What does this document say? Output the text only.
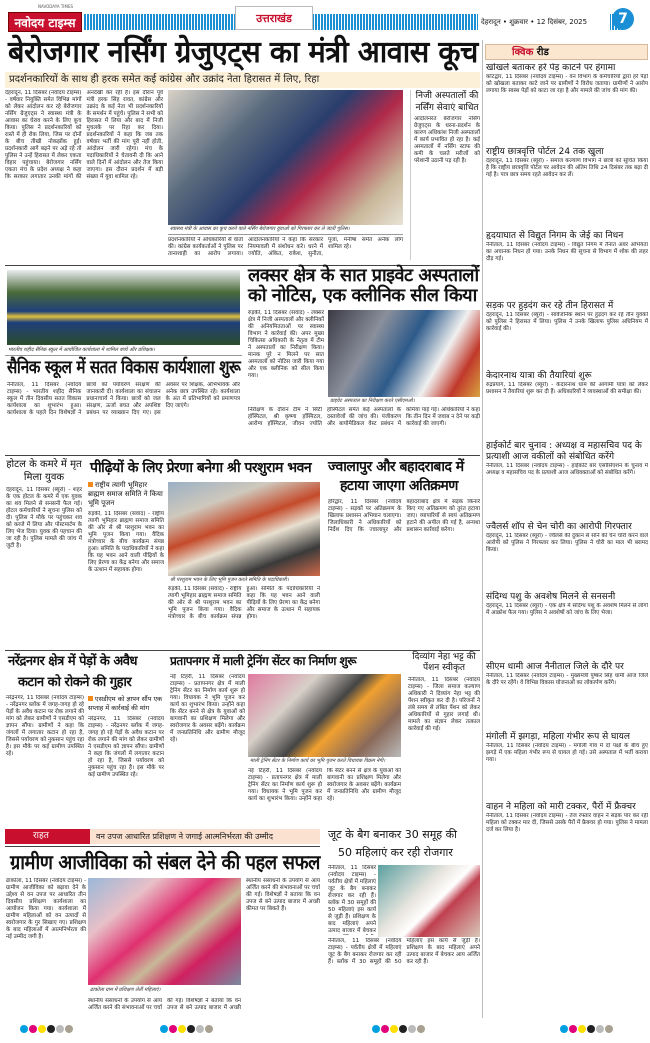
NAVODAYA TIMES
नवोदय टाइम्स	उत्तराखंड	देहरादून • शुक्रवार • 12 दिसंबर, 2025	7
बेरोजगार नर्सिंग ग्रेजुएट्स का मंत्री आवास कूच
प्रदर्शनकारियों के साथ ही हरक समेत कई कांग्रेस और उक्रांद नेता हिरासत में लिए, रिहा
देहरादून, 11 दिसंबर (नवोदय टाइम्स) - वर्षवार नियुक्ति समेत विभिन्न मांगों को लेकर आंदोलन कर रहे बेरोजगार नर्सिंग ग्रेजुएट्स ने स्वास्थ्य मंत्री के आवास का घेराव करने के लिए कूच किया। पुलिस ने प्रदर्शनकारियों को रास्ते में ही रोक लिया, जिस पर दोनों के बीच तीखी नोकझोंक हुई। प्रदर्शनकारी आगे बढ़ने पर अड़े रहे तो पुलिस ने उन्हें हिरासत में लेकर एकता विहार पहुंचाया। बेरोजगार नर्सिंग एकता मंच के प्रदेश अध्यक्ष ने कहा कि सरकार लगातार उनकी मांगों की अनदेखी कर रही है। इस दौरान पूर्व मंत्री हरक सिंह रावत, कांग्रेस और उक्रांद के कई नेता भी प्रदर्शनकारियों के समर्थन में पहुंचे। पुलिस ने सभी को हिरासत में लिया और बाद में निजी मुचलके पर रिहा कर दिया। प्रदर्शनकारियों ने कहा कि जब तक वर्षवार भर्ती की मांग पूरी नहीं होती, आंदोलन जारी रहेगा। मंच के पदाधिकारियों ने चेतावनी दी कि आने वाले दिनों में आंदोलन और तेज किया जाएगा। इस दौरान प्रदर्शन में बड़ी संख्या में युवा शामिल रहे।
स्वास्थ्य मंत्री के आवास का कूच करने वाले नर्सिंग बेरोजगार युवाओं को गिरफ्तार कर ले जाती पुलिस।
प्रदर्शनकारियों ने अधिकारियों से वार्ता की। कांग्रेस कार्यकर्ताओं ने पुलिस पर तानाशाही का आरोप लगाया। आंदोलनकारियों ने कहा कि सरकार नियमावली में संशोधन करे। धरने में ज्योति, अंकित, राकेश, सुनीता, पूजा, मनीषा समेत अनेक लोग शामिल रहे।
निजी अस्पतालों की नर्सिंग सेवाएं बाधित
आंदोलनरत बेरोजगार नर्सिंग ग्रेजुएट्स के धरना-प्रदर्शन के कारण अधिकांश निजी अस्पतालों में कार्य प्रभावित हो रहा है। कई अस्पतालों में नर्सिंग स्टाफ की कमी के चलते मरीजों को परेशानी उठानी पड़ रही है।
भारतीय शहीद सैनिक स्कूल में आयोजित कार्यशाला में शामिल बच्चे और प्रशिक्षक।
सैनिक स्कूल में सतत विकास कार्यशाला शुरू
नैनीताल, 11 दिसंबर (नवोदय टाइम्स) - भारतीय शहीद सैनिक स्कूल में तीन दिवसीय सतत विकास कार्यशाला का शुभारंभ हुआ। कार्यशाला के पहले दिन विशेषज्ञों ने छात्रों को पर्यावरण संरक्षण की जानकारी दी। कार्यशाला का संचालन प्रधानाचार्य ने किया। छात्रों को जल संरक्षण, ऊर्जा बचत और अपशिष्ट प्रबंधन पर व्याख्यान दिए गए। इस अवसर पर शिक्षक, अभिभावक और अनेक छात्र उपस्थित रहे। कार्यशाला के अंत में प्रतिभागियों को प्रमाणपत्र दिए जाएंगे।
लक्सर क्षेत्र के सात प्राइवेट अस्पतालों
को नोटिस, एक क्लीनिक सील किया
रुड़की, 11 दिसंबर (संवाद) - लक्सर क्षेत्र में निजी अस्पतालों और क्लीनिकों की अनियमितताओं पर स्वास्थ्य विभाग ने कार्रवाई की। अपर मुख्य चिकित्सा अधिकारी के नेतृत्व में टीम ने अस्पतालों का निरीक्षण किया। मानक पूरे न मिलने पर सात अस्पतालों को नोटिस जारी किया गया और एक क्लीनिक को सील किया गया।
प्राइवेट अस्पताल का निरीक्षण करते एसीएमओ।
निरीक्षण के दौरान टीम ने सिटी हॉस्पिटल, श्री कृष्णा हॉस्पिटल, आरोग्य हॉस्पिटल, जीवन ज्योति हॉस्पिटल समेत कई अस्पतालों के दस्तावेजों की जांच की। पंजीकरण और बायोमेडिकल वेस्ट प्रबंधन में कमियां पाई गईं। अधिकारियों ने कहा कि तीन दिन में जवाब न देने पर कड़ी कार्रवाई की जाएगी।
होटल के कमरे में मृत मिला युवक
देहरादून, 11 दिसंबर (ब्यूरो) - शहर के एक होटल के कमरे में एक युवक का शव मिलने से सनसनी फैल गई। होटल कर्मचारियों ने सूचना पुलिस को दी। पुलिस ने मौके पर पहुंचकर शव को कब्जे में लिया और पोस्टमार्टम के लिए भेज दिया। युवक की पहचान की जा रही है। पुलिस मामले की जांच में जुटी है।
पीढ़ियों के लिए प्रेरणा बनेगा श्री परशुराम भवन
राष्ट्रीय त्यागी भूमिहार ब्राह्मण समाज समिति ने किया भूमि पूजन
रुड़की, 11 दिसंबर (संवाद) - राष्ट्रीय त्यागी भूमिहार ब्राह्मण समाज समिति की ओर से श्री परशुराम भवन का भूमि पूजन किया गया। वैदिक मंत्रोच्चार के बीच कार्यक्रम संपन्न हुआ। समिति के पदाधिकारियों ने कहा कि यह भवन आने वाली पीढ़ियों के लिए प्रेरणा का केंद्र बनेगा और समाज के उत्थान में सहायक होगा।
श्री परशुराम भवन के लिए भूमि पूजन करते समिति के पदाधिकारी।
रुड़की, 11 दिसंबर (संवाद) - राष्ट्रीय त्यागी भूमिहार ब्राह्मण समाज समिति की ओर से श्री परशुराम भवन का भूमि पूजन किया गया। वैदिक मंत्रोच्चार के बीच कार्यक्रम संपन्न हुआ। समिति के पदाधिकारियों ने कहा कि यह भवन आने वाली पीढ़ियों के लिए प्रेरणा का केंद्र बनेगा और समाज के उत्थान में सहायक होगा।
ज्वालापुर और बहादराबाद में
हटाया जाएगा अतिक्रमण
हरिद्वार, 11 दिसंबर (नवोदय टाइम्स) - सड़कों पर अतिक्रमण के खिलाफ प्रशासन अभियान चलाएगा। जिलाधिकारी ने अधिकारियों को निर्देश दिए कि ज्वालापुर और बहादराबाद क्षेत्र में सड़क किनारे किए गए अतिक्रमण को तुरंत हटाया जाए। व्यापारियों से स्वयं अतिक्रमण हटाने की अपील की गई है, अन्यथा प्रशासन कार्रवाई करेगा।
नरेंद्रनगर क्षेत्र में पेड़ों के अवैध
कटान को रोकने की गुहार
नरेंद्रनगर, 11 दिसंबर (नवोदय टाइम्स) - नरेंद्रनगर ब्लॉक में जगह-जगह हो रहे पेड़ों के अवैध कटान पर रोक लगाने की मांग को लेकर ग्रामीणों ने एसडीएम को ज्ञापन सौंपा। ग्रामीणों ने कहा कि जंगलों में लगातार कटान हो रहा है, जिससे पर्यावरण को नुकसान पहुंच रहा है। इस मौके पर कई ग्रामीण उपस्थित रहे।
एसडीएम को ज्ञापन सौंप एक सप्ताह में कार्रवाई की मांग
नरेंद्रनगर, 11 दिसंबर (नवोदय टाइम्स) - नरेंद्रनगर ब्लॉक में जगह-जगह हो रहे पेड़ों के अवैध कटान पर रोक लगाने की मांग को लेकर ग्रामीणों ने एसडीएम को ज्ञापन सौंपा। ग्रामीणों ने कहा कि जंगलों में लगातार कटान हो रहा है, जिससे पर्यावरण को नुकसान पहुंच रहा है। इस मौके पर कई ग्रामीण उपस्थित रहे।
प्रतापनगर में माली ट्रेनिंग सेंटर का निर्माण शुरू
नई टिहरी, 11 दिसंबर (नवोदय टाइम्स) - प्रतापनगर क्षेत्र में माली ट्रेनिंग सेंटर का निर्माण कार्य शुरू हो गया। विधायक ने भूमि पूजन कर कार्य का शुभारंभ किया। उन्होंने कहा कि सेंटर बनने से क्षेत्र के युवाओं को बागवानी का प्रशिक्षण मिलेगा और स्वरोजगार के अवसर बढ़ेंगे। कार्यक्रम में जनप्रतिनिधि और ग्रामीण मौजूद रहे।
माली ट्रेनिंग सेंटर के निर्माण कार्य का भूमि पूजन करते विधायक विक्रम नेगी।
नई टिहरी, 11 दिसंबर (नवोदय टाइम्स) - प्रतापनगर क्षेत्र में माली ट्रेनिंग सेंटर का निर्माण कार्य शुरू हो गया। विधायक ने भूमि पूजन कर कार्य का शुभारंभ किया। उन्होंने कहा कि सेंटर बनने से क्षेत्र के युवाओं को बागवानी का प्रशिक्षण मिलेगा और स्वरोजगार के अवसर बढ़ेंगे। कार्यक्रम में जनप्रतिनिधि और ग्रामीण मौजूद रहे।
दिव्यांग नेहा भट्ट की पेंशन स्वीकृत
नैनीताल, 11 दिसंबर (नवोदय टाइम्स) - जिला समाज कल्याण अधिकारी ने दिव्यांग नेहा भट्ट की पेंशन स्वीकृत कर दी है। परिजनों ने लंबे समय से लंबित पेंशन को लेकर अधिकारियों से गुहार लगाई थी। मामले का संज्ञान लेकर तत्काल कार्रवाई की गई।
राहत	वन उपज आधारित प्रशिक्षण ने जगाई आत्मनिर्भरता की उम्मीद	जूट के बैग बनाकर 30 समूह की
50 महिलाएं कर रही रोजगार
नैनीताल, 11 दिसंबर (नवोदय टाइम्स) - पर्वतीय क्षेत्रों में महिलाएं जूट के बैग बनाकर रोजगार कर रही हैं। ब्लॉक में 30 समूहों की 50 महिलाएं इस कार्य से जुड़ी हैं। प्रशिक्षण के बाद महिलाएं अपने उत्पाद बाजार में बेचकर
नैनीताल, 11 दिसंबर (नवोदय टाइम्स) - पर्वतीय क्षेत्रों में महिलाएं जूट के बैग बनाकर रोजगार कर रही हैं। ब्लॉक में 30 समूहों की 50 महिलाएं इस कार्य से जुड़ी हैं। प्रशिक्षण के बाद महिलाएं अपने उत्पाद बाजार में बेचकर आय अर्जित कर रही हैं।
ग्रामीण आजीविका को संबल देने की पहल सफल
ढाकोला, 11 दिसंबर (नवोदय टाइम्स) - ग्रामीण आजीविका को बढ़ावा देने के उद्देश्य से वन उपज पर आधारित तीन दिवसीय प्रशिक्षण कार्यशाला का आयोजन किया गया। कार्यशाला में ग्रामीण महिलाओं को वन उत्पादों से स्वरोजगार के गुर सिखाए गए। प्रशिक्षण के बाद महिलाओं में आत्मनिर्भरता की नई उम्मीद जगी है।
ढाकोला ग्राम में प्रशिक्षण लेतीं महिलाएं।
स्थानीय संसाधनों के उपयोग से आय अर्जित करने की संभावनाओं पर चर्चा की गई। विशेषज्ञों ने बताया कि वन उपज से बने उत्पाद बाजार में अच्छी
स्थानीय संसाधनों के उपयोग से आय अर्जित करने की संभावनाओं पर चर्चा की गई। विशेषज्ञों ने बताया कि वन उपज से बने उत्पाद बाजार में अच्छी कीमत पर बिकते हैं।
क्विक रीड
खोखले बताकर हरे पेड़ काटने पर हंगामा
कोटद्वार, 11 दिसंबर (नवोदय टाइम्स) - वन विभाग के कर्मचारियों द्वारा हरे पेड़ों को खोखला बताकर काटे जाने पर ग्रामीणों ने विरोध जताया। ग्रामीणों ने आरोप लगाया कि स्वस्थ पेड़ों को काटा जा रहा है और मामले की जांच की मांग की।
राष्ट्रीय छात्रवृत्ति पोर्टल 24 तक खुला
देहरादून, 11 दिसंबर (ब्यूरो) - समाज कल्याण विभाग ने छात्रों को सूचित किया है कि राष्ट्रीय छात्रवृत्ति पोर्टल पर आवेदन की अंतिम तिथि 24 दिसंबर तक बढ़ा दी गई है। पात्र छात्र समय रहते आवेदन कर लें।
हृदयाघात से विद्युत निगम के जेई का निधन
नैनीताल, 11 दिसंबर (नवोदय टाइम्स) - विद्युत निगम में तैनात अवर अभियंता का अचानक निधन हो गया। उनके निधन की सूचना से विभाग में शोक की लहर दौड़ गई।
सड़क पर हुड़दंग कर रहे तीन हिरासत में
देहरादून, 11 दिसंबर (ब्यूरो) - सार्वजनिक स्थान पर हुड़दंग कर रहे तीन युवकों को पुलिस ने हिरासत में लिया। पुलिस ने उनके खिलाफ पुलिस अधिनियम में कार्रवाई की।
केदारनाथ यात्रा की तैयारियां शुरू
रुद्रप्रयाग, 11 दिसंबर (ब्यूरो) - केदारनाथ धाम की आगामी यात्रा को लेकर प्रशासन ने तैयारियां शुरू कर दी हैं। अधिकारियों ने व्यवस्थाओं की समीक्षा की।
हाईकोर्ट बार चुनाव : अध्यक्ष व महासचिव पद के प्रत्याशी आज वकीलों को संबोधित करेंगे
नैनीताल, 11 दिसंबर (नवोदय टाइम्स) - हाईकोर्ट बार एसोसिएशन के चुनाव में अध्यक्ष व महासचिव पद के प्रत्याशी आज अधिवक्ताओं को संबोधित करेंगे।
ज्वैलर्स शॉप से चेन चोरी का आरोपी गिरफ्तार
देहरादून, 11 दिसंबर (ब्यूरो) - ज्वैलर्स की दुकान से सोने की चेन चोरी करने वाले आरोपी को पुलिस ने गिरफ्तार कर लिया। पुलिस ने चोरी का माल भी बरामद किया।
संदिग्ध पशु के अवशेष मिलने से सनसनी
देहरादून, 11 दिसंबर (ब्यूरो) - एक क्षेत्र में संदिग्ध पशु के अवशेष मिलने से लोगों में आक्रोश फैल गया। पुलिस ने अवशेषों को जांच के लिए भेजा।
सीएम धामी आज नैनीताल जिले के दौरे पर
नैनीताल, 11 दिसंबर (नवोदय टाइम्स) - मुख्यमंत्री पुष्कर सिंह धामी आज जिले के दौरे पर रहेंगे। वे विभिन्न विकास योजनाओं का लोकार्पण करेंगे।
मंगोली में झगड़ा, महिला गंभीर रूप से घायल
नैनीताल, 11 दिसंबर (नवोदय टाइम्स) - मंगोली गांव में दो पक्षों के बीच हुए झगड़े में एक महिला गंभीर रूप से घायल हो गई। उसे अस्पताल में भर्ती कराया गया।
वाहन ने महिला को मारी टक्कर, पैरों में फ्रैक्चर
नैनीताल, 11 दिसंबर (नवोदय टाइम्स) - तेज रफ्तार वाहन ने सड़क पार कर रही महिला को टक्कर मार दी, जिससे उसके पैरों में फ्रैक्चर हो गया। पुलिस ने मामला दर्ज कर लिया है।
